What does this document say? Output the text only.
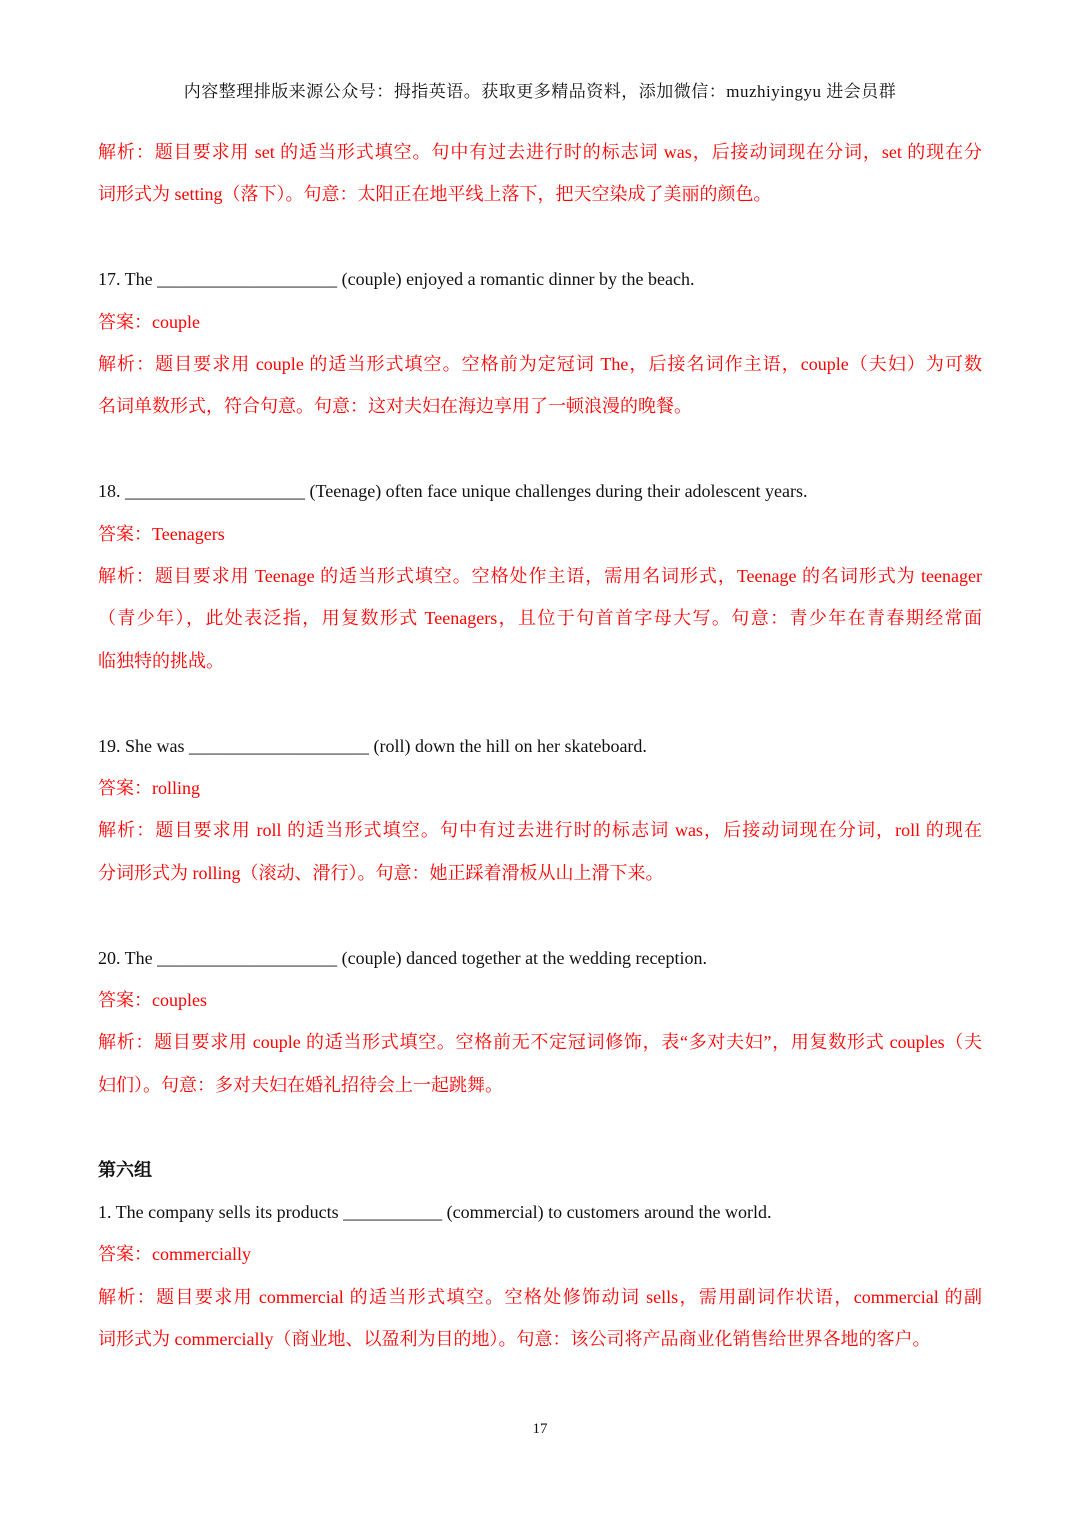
内容整理排版来源公众号：拇指英语。获取更多精品资料，添加微信：muzhiyingyu 进会员群

解析：题目要求用 set 的适当形式填空。句中有过去进行时的标志词 was，后接动词现在分词，set 的现在分

词形式为 setting（落下）。句意：太阳正在地平线上落下，把天空染成了美丽的颜色。

17. The ____________________ (couple) enjoyed a romantic dinner by the beach.

答案：couple

解析：题目要求用 couple 的适当形式填空。空格前为定冠词 The，后接名词作主语，couple（夫妇）为可数

名词单数形式，符合句意。句意：这对夫妇在海边享用了一顿浪漫的晚餐。

18. ____________________ (Teenage) often face unique challenges during their adolescent years.

答案：Teenagers

解析：题目要求用 Teenage 的适当形式填空。空格处作主语，需用名词形式，Teenage 的名词形式为 teenager

（青少年），此处表泛指，用复数形式 Teenagers，且位于句首首字母大写。句意：青少年在青春期经常面

临独特的挑战。

19. She was ____________________ (roll) down the hill on her skateboard.

答案：rolling

解析：题目要求用 roll 的适当形式填空。句中有过去进行时的标志词 was，后接动词现在分词，roll 的现在

分词形式为 rolling（滚动、滑行）。句意：她正踩着滑板从山上滑下来。

20. The ____________________ (couple) danced together at the wedding reception.

答案：couples

解析：题目要求用 couple 的适当形式填空。空格前无不定冠词修饰，表“多对夫妇”，用复数形式 couples（夫

妇们）。句意：多对夫妇在婚礼招待会上一起跳舞。

第六组

1. The company sells its products ___________ (commercial) to customers around the world.

答案：commercially

解析：题目要求用 commercial 的适当形式填空。空格处修饰动词 sells，需用副词作状语，commercial 的副

词形式为 commercially（商业地、以盈利为目的地）。句意：该公司将产品商业化销售给世界各地的客户。

17
